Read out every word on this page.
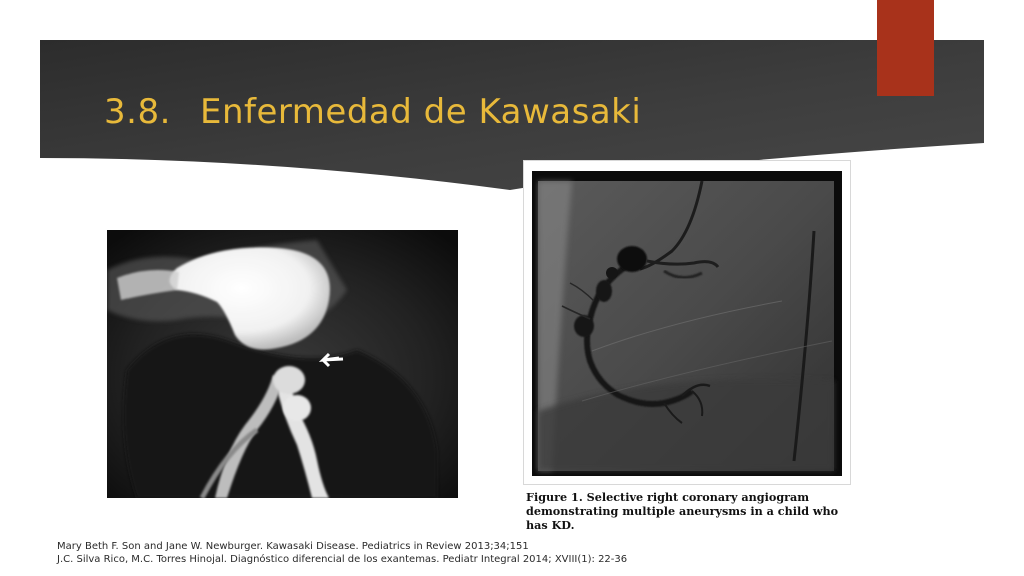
3.8. Enfermedad de Kawasaki
Figure 1. Selective right coronary angiogram demonstrating multiple aneurysms in a child who has KD.
Mary Beth F. Son and Jane W. Newburger. Kawasaki Disease. Pediatrics in Review 2013;34;151
J.C. Silva Rico, M.C. Torres Hinojal. Diagnóstico diferencial de los exantemas. Pediatr Integral 2014; XVIII(1): 22-36
